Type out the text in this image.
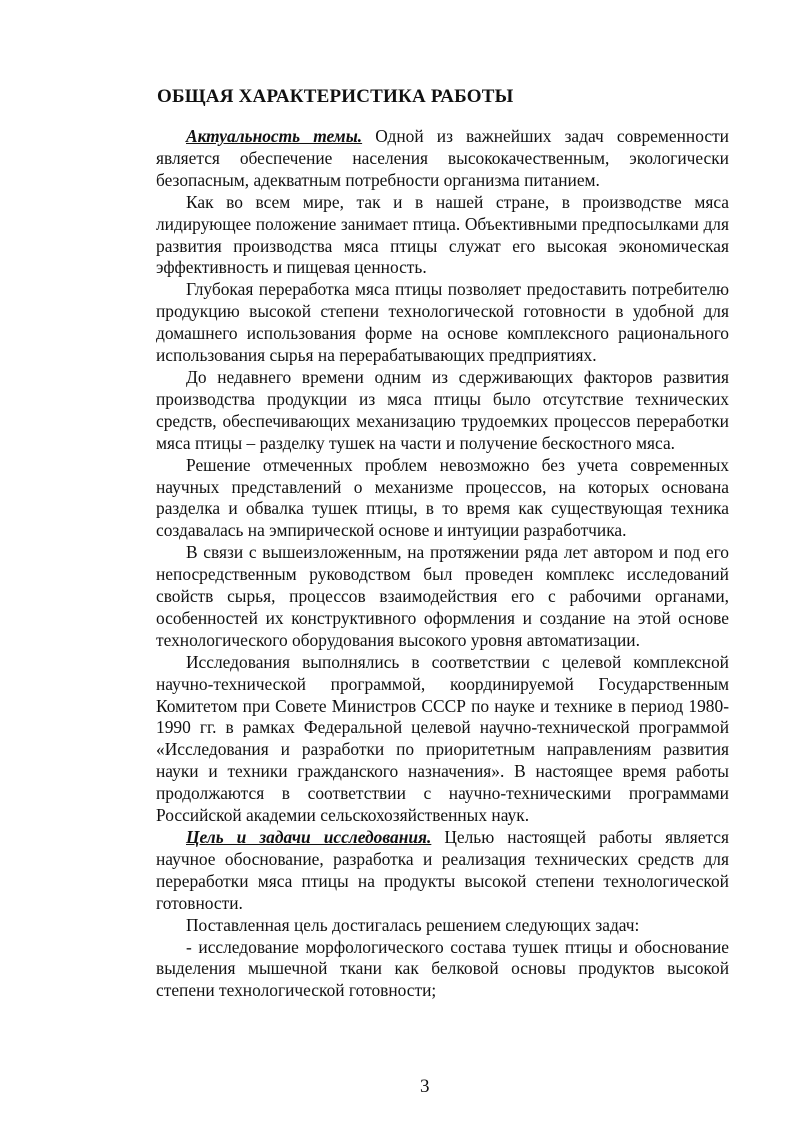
ОБЩАЯ ХАРАКТЕРИСТИКА РАБОТЫ

Актуальность темы. Одной из важнейших задач современности является обеспечение населения высококачественным, экологически безопасным, адекватным потребности организма питанием.

Как во всем мире, так и в нашей стране, в производстве мяса лидирующее положение занимает птица. Объективными предпосылками для развития производства мяса птицы служат его высокая экономическая эффективность и пищевая ценность.

Глубокая переработка мяса птицы позволяет предоставить потребителю продукцию высокой степени технологической готовности в удобной для домашнего использования форме на основе комплексного рационального использования сырья на перерабатывающих предприятиях.

До недавнего времени одним из сдерживающих факторов развития производства продукции из мяса птицы было отсутствие технических средств, обеспечивающих механизацию трудоемких процессов переработки мяса птицы – разделку тушек на части и получение бескостного мяса.

Решение отмеченных проблем невозможно без учета современных научных представлений о механизме процессов, на которых основана разделка и обвалка тушек птицы, в то время как существующая техника создавалась на эмпирической основе и интуиции разработчика.

В связи с вышеизложенным, на протяжении ряда лет автором и под его непосредственным руководством был проведен комплекс исследований свойств сырья, процессов взаимодействия его с рабочими органами, особенностей их конструктивного оформления и создание на этой основе технологического оборудования высокого уровня автоматизации.

Исследования выполнялись в соответствии с целевой комплексной научно-технической программой, координируемой Государственным Комитетом при Совете Министров СССР по науке и технике в период 1980-1990 гг. в рамках Федеральной целевой научно-технической программой «Исследования и разработки по приоритетным направлениям развития науки и техники гражданского назначения». В настоящее время работы продолжаются в соответствии с научно-техническими программами Российской академии сельскохозяйственных наук.

Цель и задачи исследования. Целью настоящей работы является научное обоснование, разработка и реализация технических средств для переработки мяса птицы на продукты высокой степени технологической готовности.

Поставленная цель достигалась решением следующих задач:

- исследование морфологического состава тушек птицы и обоснование выделения мышечной ткани как белковой основы продуктов высокой степени технологической готовности;

3
